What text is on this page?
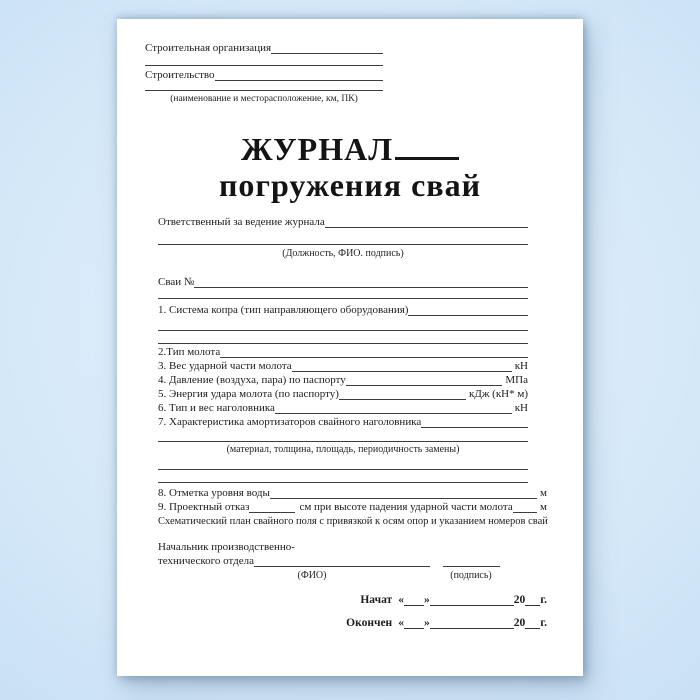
Строительная организация
Строительство
(наименование и месторасположение, км, ПК)
ЖУРНАЛ
погружения свай
Ответственный за ведение журнала
(Должность, ФИО. подпись)
Сваи №
1. Система копра (тип направляющего оборудования)
2.Тип молота
3. Вес ударной части молота	кН
4. Давление (воздуха, пара) по паспорту	МПа
5. Энергия удара молота (по паспорту)	кДж (кН* м)
6. Тип и вес наголовника	кН
7. Характеристика амортизаторов свайного наголовника
(материал, толщина, площадь, периодичность замены)
8. Отметка уровня воды	м
9. Проектный отказ	см при высоте падения ударной части молота м
Схематический план свайного поля с привязкой к осям опор и указанием номеров свай
Начальник производственно-
технического отдела
(ФИО)	(подпись)
Начат « »	20 г.
Окончен « »	20 г.
